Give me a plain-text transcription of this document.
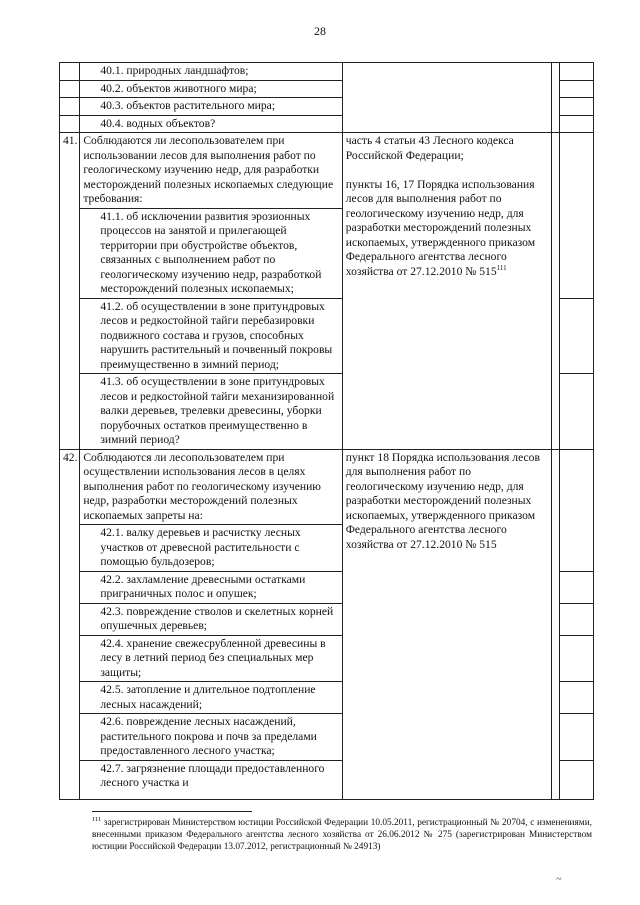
28
	40.1. природных ландшафтов;			
	40.2. объектов животного мира;			
	40.3. объектов растительного мира;			
	40.4. водных объектов?			
41.	Соблюдаются ли лесопользователем при использовании лесов для выполнения работ по геологическому изучению недр, для разработки месторождений полезных ископаемых следующие требования:	часть 4 статьи 43 Лесного кодекса Российской Федерации;

пункты 16, 17 Порядка использования лесов для выполнения работ по геологическому изучению недр, для разработки месторождений полезных ископаемых, утвержденного приказом Федерального агентства лесного хозяйства от 27.12.2010 № $515^{111}$		
	41.1. об исключении развития эрозионных процессов на занятой и прилегающей территории при обустройстве объектов, связанных с выполнением работ по геологическому изучению недр, разработкой месторождений полезных ископаемых;			
	41.2. об осуществлении в зоне притундровых лесов и редкостойной тайги перебазировки подвижного состава и грузов, способных нарушить растительный и почвенный покровы преимущественно в зимний период;			
	41.3. об осуществлении в зоне притундровых лесов и редкостойной тайги механизированной валки деревьев, трелевки древесины, уборки порубочных остатков преимущественно в зимний период?			
42.	Соблюдаются ли лесопользователем при осуществлении использования лесов в целях выполнения работ по геологическому изучению недр, разработки месторождений полезных ископаемых запреты на:	пункт 18 Порядка использования лесов для выполнения работ по геологическому изучению недр, для разработки месторождений полезных ископаемых, утвержденного приказом Федерального агентства лесного хозяйства от 27.12.2010 № 515		
	42.1. валку деревьев и расчистку лесных участков от древесной растительности с помощью бульдозеров;			
	42.2. захламление древесными остатками приграничных полос и опушек;			
	42.3. повреждение стволов и скелетных корней опушечных деревьев;			
	42.4. хранение свежесрубленной древесины в лесу в летний период без специальных мер защиты;			
	42.5. затопление и длительное подтопление лесных насаждений;			
	42.6. повреждение лесных насаждений, растительного покрова и почв за пределами предоставленного лесного участка;			
	42.7. загрязнение площади предоставленного лесного участка и			
$^{111}$ зарегистрирован Министерством юстиции Российской Федерации 10.05.2011, регистрационный № 20704, с изменениями, внесенными приказом Федерального агентства лесного хозяйства от 26.06.2012 № 275 (зарегистрирован Министерством юстиции Российской Федерации 13.07.2012, регистрационный № 24913)
~
